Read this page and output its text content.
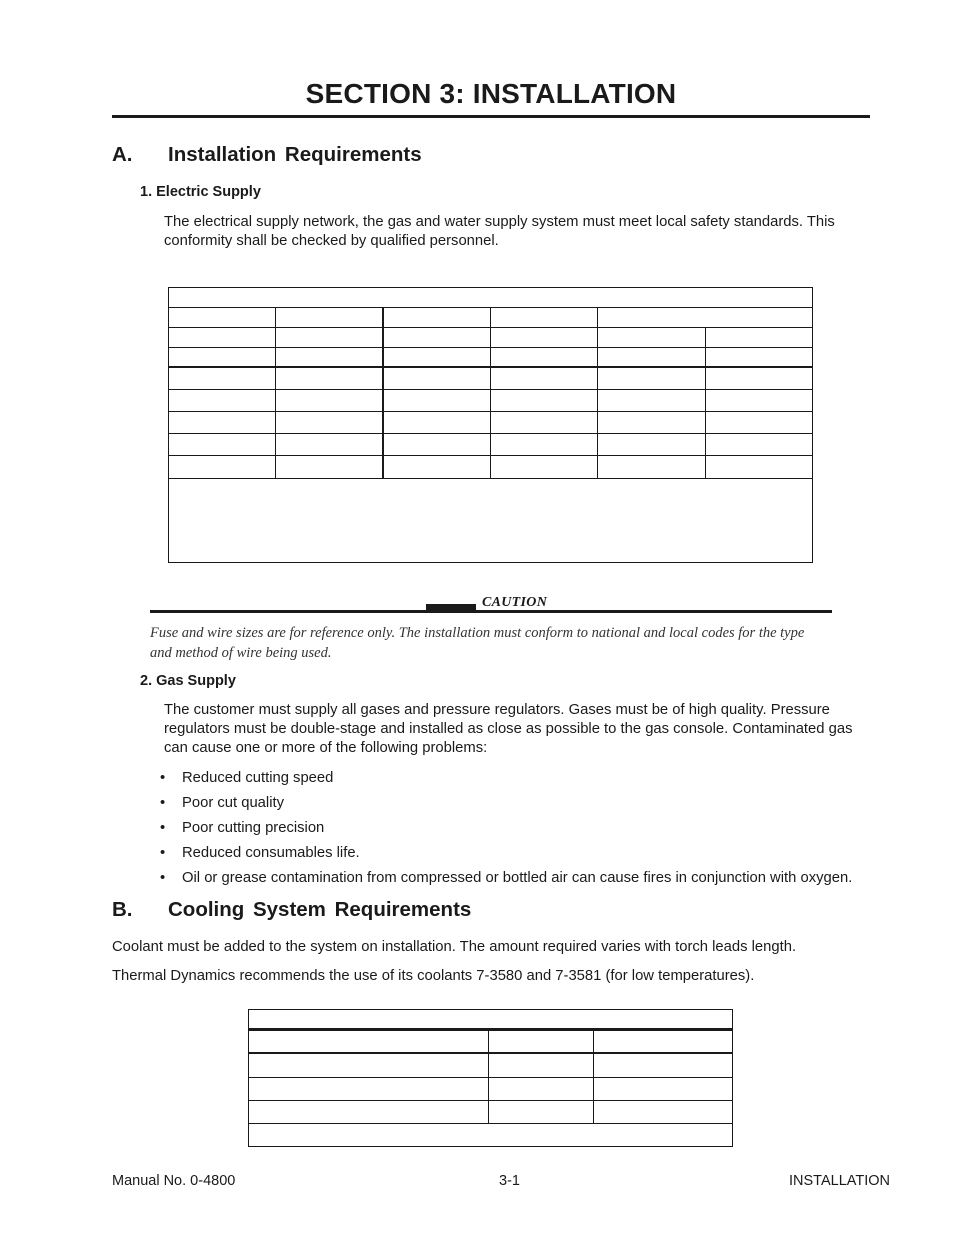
SECTION 3: INSTALLATION
A. Installation Requirements
1. Electric Supply
The electrical supply network, the gas and water supply system must meet local safety standards. This
conformity shall be checked by qualified personnel.
CAUTION
Fuse and wire sizes are for reference only. The installation must conform to national and local codes for the type
and method of wire being used.
2. Gas Supply
The customer must supply all gases and pressure regulators. Gases must be of high quality. Pressure
regulators must be double-stage and installed as close as possible to the gas console. Contaminated gas
can cause one or more of the following problems:
• Reduced cutting speed
• Poor cut quality
• Poor cutting precision
• Reduced consumables life.
• Oil or grease contamination from compressed or bottled air can cause fires in conjunction with oxygen.
B. Cooling System Requirements
Coolant must be added to the system on installation. The amount required varies with torch leads length.
Thermal Dynamics recommends the use of its coolants 7-3580 and 7-3581 (for low temperatures).
Manual No. 0-4800	3-1	INSTALLATION
